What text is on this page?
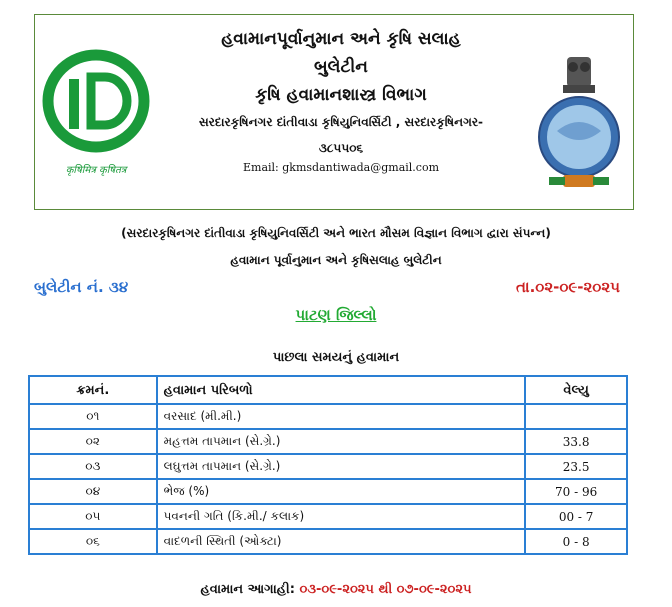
कृषिमित्र कृषितत्र
હવામાનપૂર્વાનુમાન અને કૃષિ સલાહ
બુલેટીન
કૃષિ હવામાનશાસ્ત્ર વિભાગ
સરદારકૃષિનગર દાંતીવાડા કૃષિયુનિવર્સિટી , સરદારકૃષિનગર-
૩૮૫૫૦૬
Email: gkmsdantiwada@gmail.com
(સરદારકૃષિનગર દાંતીવાડા કૃષિયુનિવર્સિટી અને ભારત મૌસમ વિજ્ઞાન વિભાગ દ્વારા સંપન્ન)
હવામાન પૂર્વાનુમાન અને કૃષિસલાહ બુલેટીન
બુલેટીન નં. ૩૪	તા.૦૨-૦૯-૨૦૨૫
પાટણ જિલ્લો
પાછલા સમયનું હવામાન
ક્રમનં.	હવામાન પરિબળો	વેલ્યુ
૦૧	વરસાદ (મી.મી.)	
૦૨	મહત્તમ તાપમાન (સે.ગ્રે.)	33.8
૦૩	લઘુત્તમ તાપમાન (સે.ગ્રે.)	23.5
૦૪	ભેજ (%)	70 - 96
૦૫	પવનની ગતિ (કિ.મી./ કલાક)	00 - 7
૦૬	વાદળની સ્થિતી (ઓક્ટા)	0 - 8
હવામાન આગાહી: ૦૩-૦૯-૨૦૨૫ થી ૦૭-૦૯-૨૦૨૫
